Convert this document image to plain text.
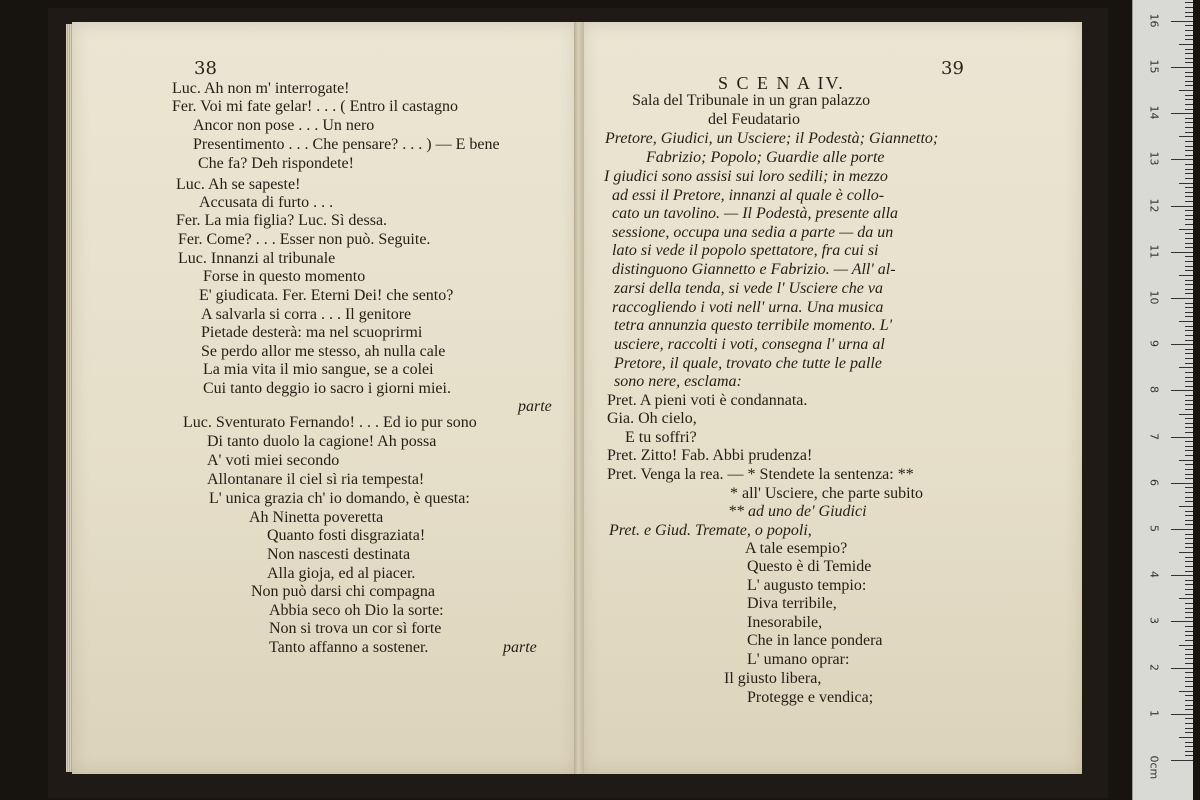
38	39
Luc. Ah non m' interrogate!
Fer. Voi mi fate gelar! . . . ( Entro il castagno
Ancor non pose . . . Un nero
Presentimento . . . Che pensare? . . . ) — E bene
Che fa? Deh rispondete!
Luc. Ah se sapeste!
Accusata di furto . . .
Fer. La mia figlia? Luc. Sì dessa.
Fer. Come? . . . Esser non può. Seguite.
Luc. Innanzi al tribunale
Forse in questo momento
E' giudicata. Fer. Eterni Dei! che sento?
A salvarla si corra . . . Il genitore
Pietade desterà: ma nel scuoprirmi
Se perdo allor me stesso, ah nulla cale
La mia vita il mio sangue, se a colei
Cui tanto deggio io sacro i giorni miei.
parte
Luc. Sventurato Fernando! . . . Ed io pur sono
Di tanto duolo la cagione! Ah possa
A' voti miei secondo
Allontanare il ciel sì ria tempesta!
L' unica grazia ch' io domando, è questa:
Ah Ninetta poveretta
Quanto fosti disgraziata!
Non nascesti destinata
Alla gioja, ed al piacer.
Non può darsi chi compagna
Abbia seco oh Dio la sorte:
Non si trova un cor sì forte
Tanto affanno a sostener.	parte
S C E N A IV.
Sala del Tribunale in un gran palazzo
del Feudatario
Pretore, Giudici, un Usciere; il Podestà; Giannetto;
Fabrizio; Popolo; Guardie alle porte
I giudici sono assisi sui loro sedili; in mezzo
ad essi il Pretore, innanzi al quale è collo-
cato un tavolino. — Il Podestà, presente alla
sessione, occupa una sedia a parte — da un
lato si vede il popolo spettatore, fra cui si
distinguono Giannetto e Fabrizio. — All' al-
zarsi della tenda, si vede l' Usciere che va
raccogliendo i voti nell' urna. Una musica
tetra annunzia questo terribile momento. L'
usciere, raccolti i voti, consegna l' urna al
Pretore, il quale, trovato che tutte le palle
sono nere, esclama:
Pret. A pieni voti è condannata.
Gia. Oh cielo,
E tu soffri?
Pret. Zitto! Fab. Abbi prudenza!
Pret. Venga la rea. — * Stendete la sentenza: **
* all' Usciere, che parte subito
** ad uno de' Giudici
Pret. e Giud. Tremate, o popoli,
A tale esempio?
Questo è di Temide
L' augusto tempio:
Diva terribile,
Inesorabile,
Che in lance pondera
L' umano oprar:
Il giusto libera,
Protegge e vendica;
1
2
3
4
5
6
7
8
9
10
11
12
13
14
15
16
0cm
